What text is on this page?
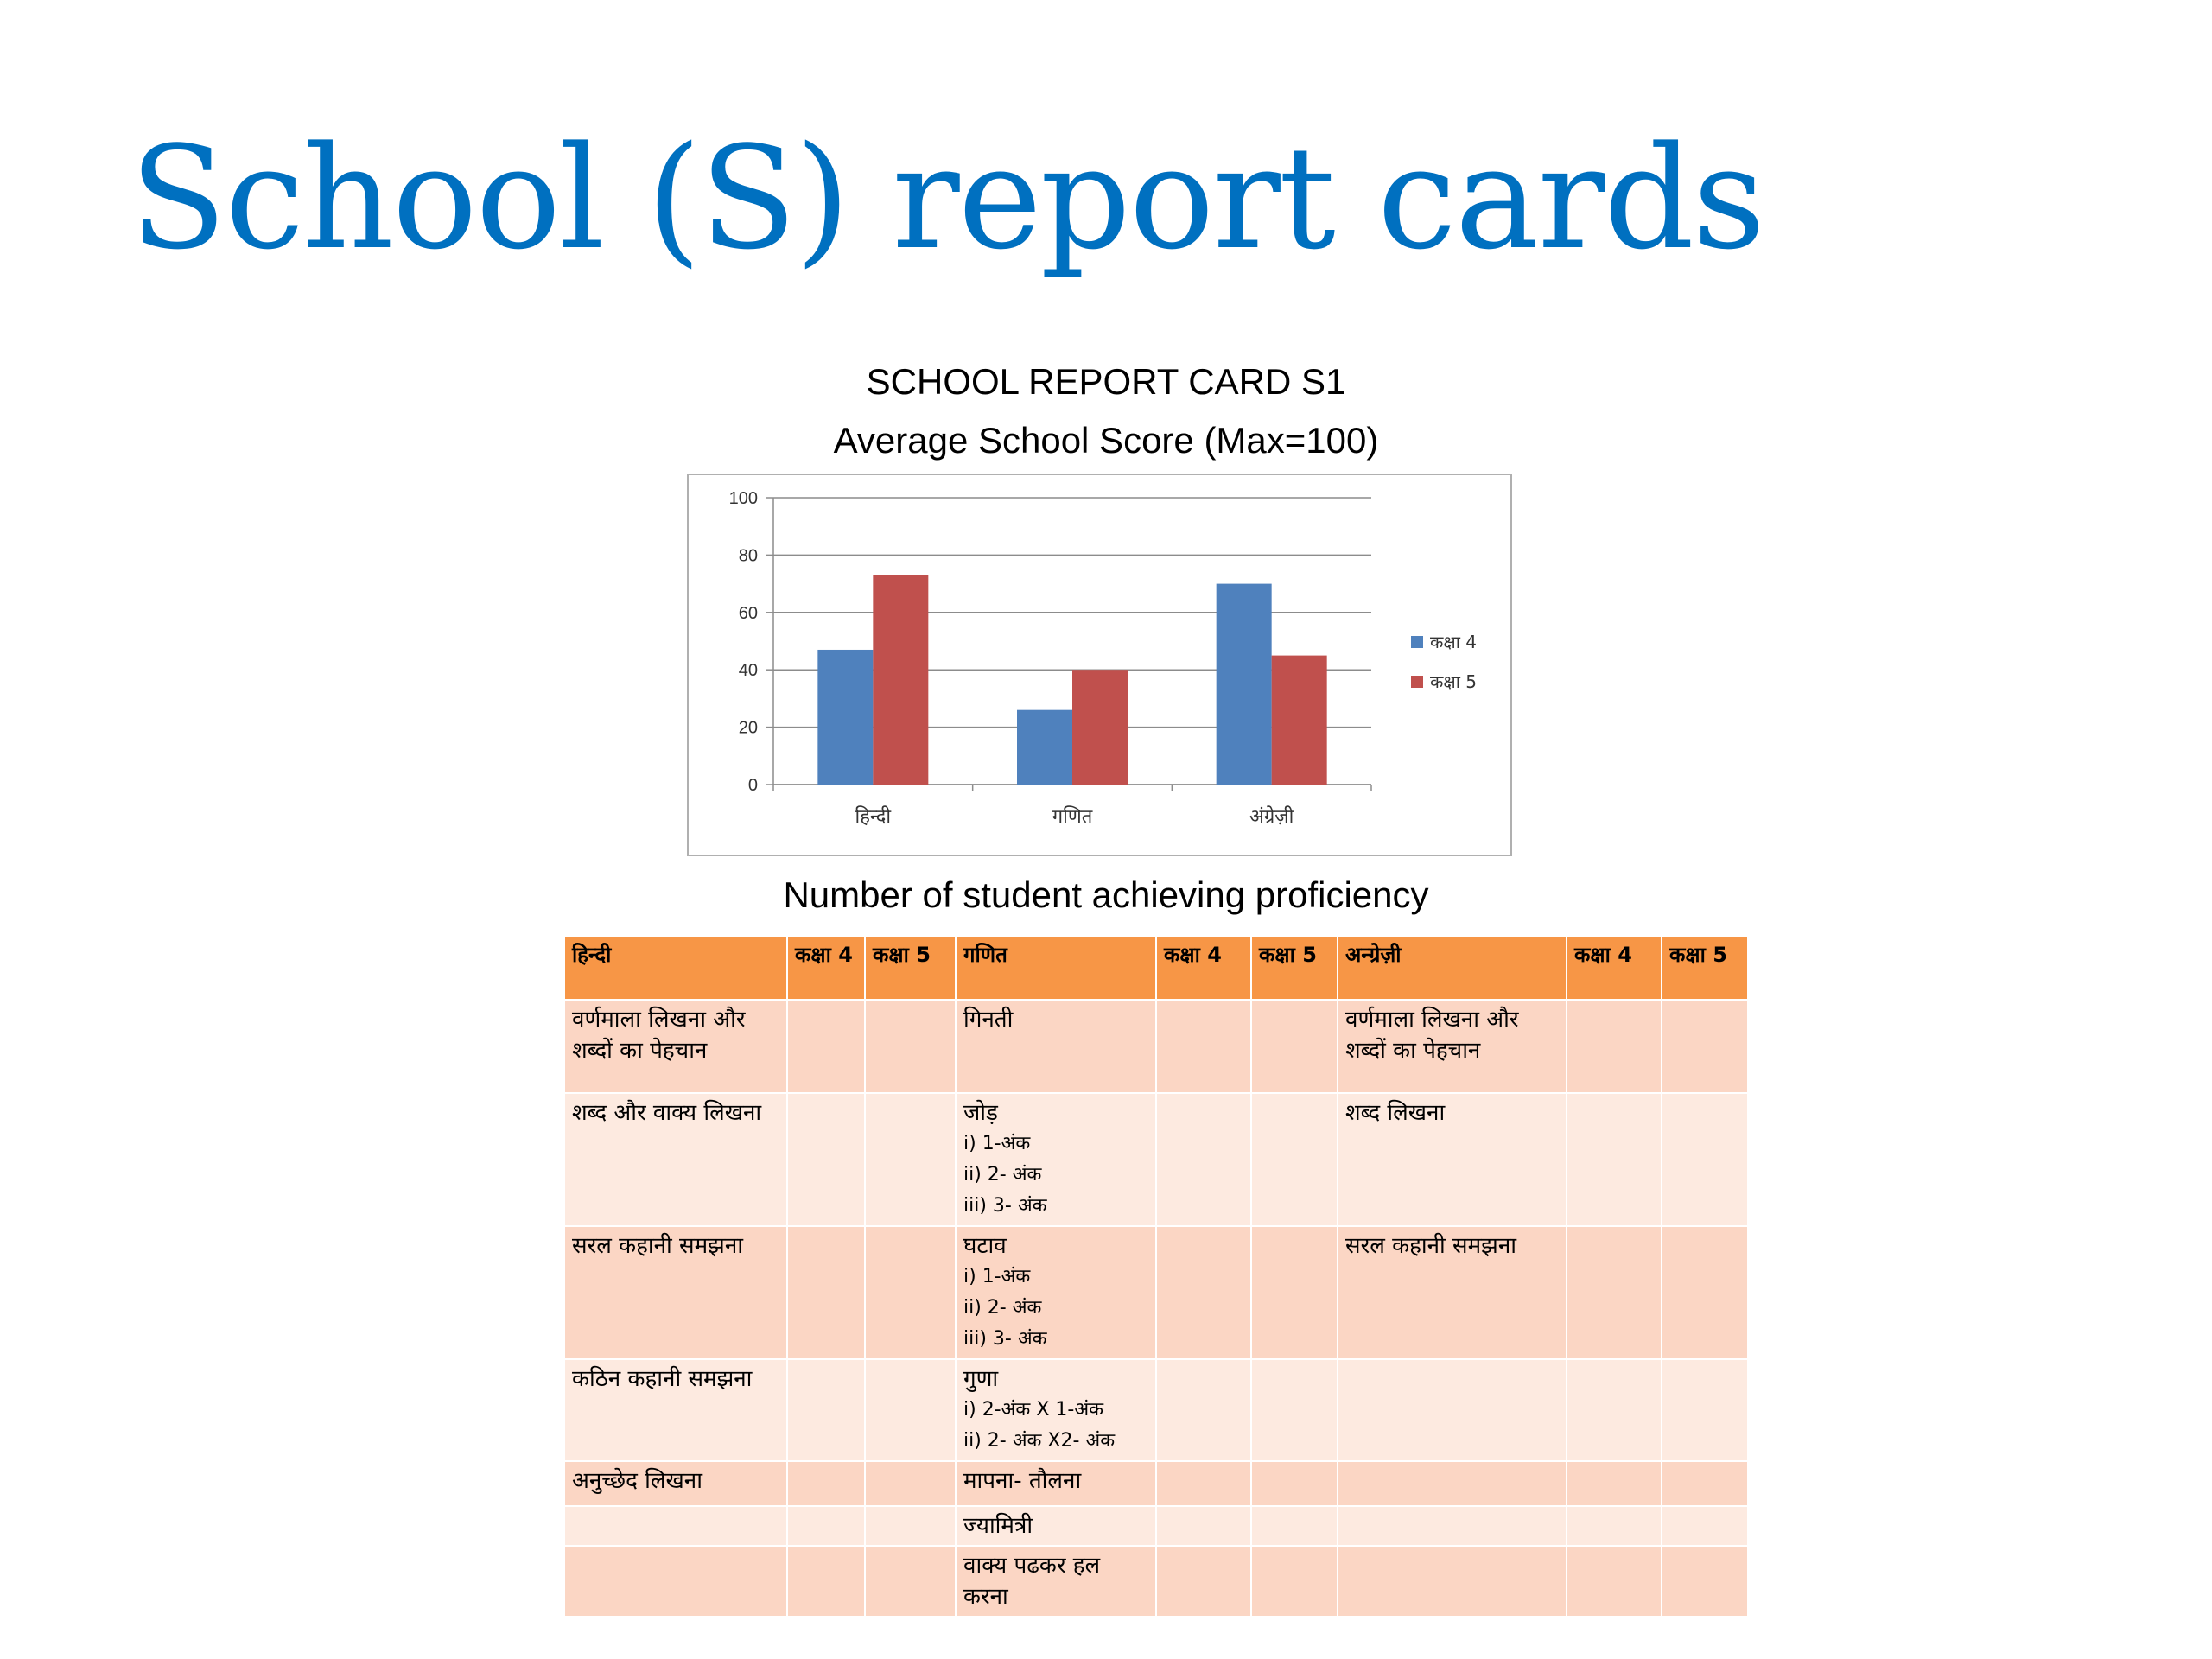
School (S) report cards
SCHOOL REPORT CARD S1
Average School Score (Max=100)
0
20
40
60
80
100
हिन्दी	गणित	अंग्रेज़ी
कक्षा 4
कक्षा 5
Number of student achieving proficiency
हिन्दी	कक्षा 4	कक्षा 5	गणित	कक्षा 4	कक्षा 5	अन्ग्रेज़ी	कक्षा 4	कक्षा 5
वर्णमाला लिखना और शब्दों का पेहचान			गिनती			वर्णमाला लिखना और शब्दों का पेहचान		
शब्द और वाक्य लिखना			जोड़
i) 1-अंक
ii) 2- अंक
iii) 3- अंक			शब्द लिखना		
सरल कहानी समझना			घटाव
i) 1-अंक
ii) 2- अंक
iii) 3- अंक			सरल कहानी समझना		
कठिन कहानी समझना			गुणा
i) 2-अंक X 1-अंक
ii) 2- अंक X2- अंक					

अनुच्छेद लिखना			मापना- तौलना					
			ज्यामित्री					
			वाक्य पढकर हल करना					
